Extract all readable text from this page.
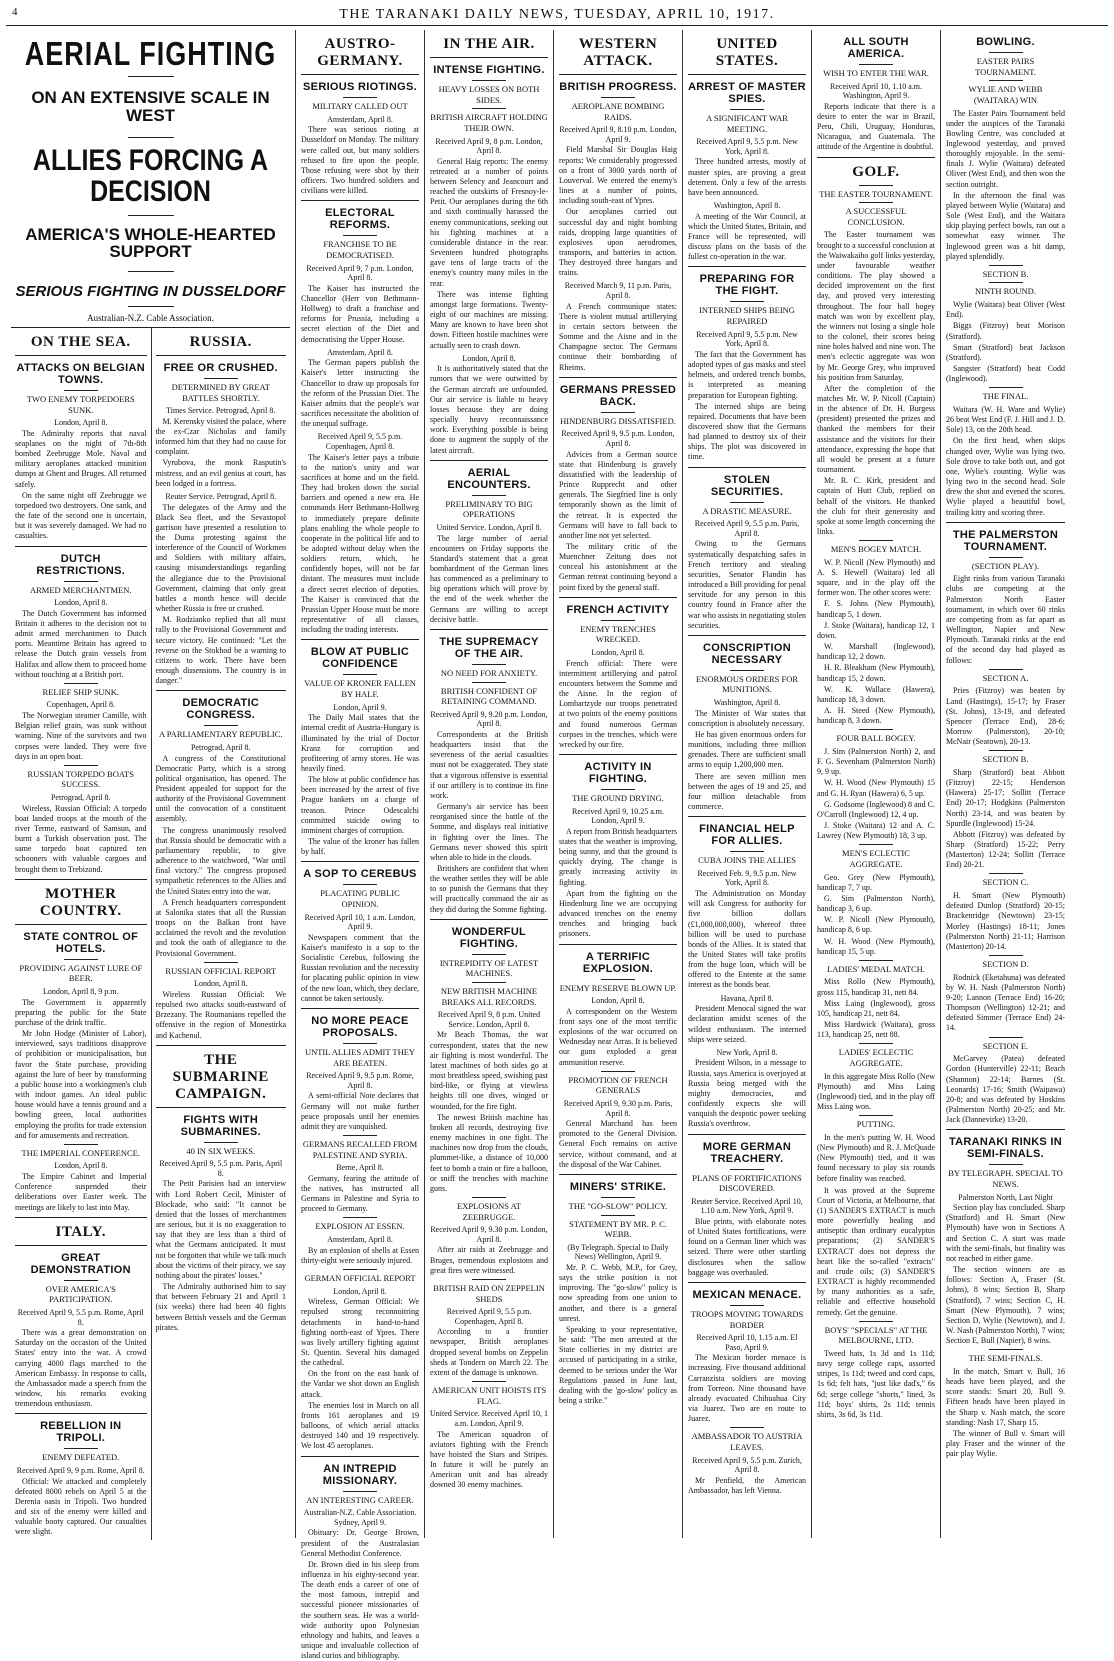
4	THE TARANAKI DAILY NEWS, TUESDAY, APRIL 10, 1917.
AERIAL FIGHTING
ON AN EXTENSIVE SCALE IN WEST
ALLIES FORCING A DECISION
AMERICA'S WHOLE-HEARTED SUPPORT
SERIOUS FIGHTING IN DUSSELDORF
Australian-N.Z. Cable Association.
ON THE SEA.
ATTACKS ON BELGIAN TOWNS.
TWO ENEMY TORPEDOERS SUNK.
London, April 8.

The Admiralty reports that naval seaplanes on the night of 7th-8th bombed Zeebrugge Mole. Naval and military aeroplanes attacked munition dumps at Ghent and Bruges. All returned safely.

On the same night off Zeebrugge we torpedoed two destroyers. One sank, and the fate of the second one is uncertain, but it was severely damaged. We had no casualties.

DUTCH RESTRICTIONS.
ARMED MERCHANTMEN.
London, April 8.

The Dutch Government has informed Britain it adheres to the decision not to admit armed merchantmen to Dutch ports. Meantime Britain has agreed to release the Dutch grain vessels from Halifax and allow them to proceed home without touching at a British port.

RELIEF SHIP SUNK.
Copenhagen, April 8.

The Norwegian steamer Camille, with Belgian relief grain, was sunk without warning. Nine of the survivors and two corpses were landed. They were five days in an open boat.

RUSSIAN TORPEDO BOATS SUCCESS.
Petrograd, April 8.

Wireless, Russian Official: A torpedo boat landed troops at the mouth of the river Terme, eastward of Samsun, and burnt a Turkish observation post. The same torpedo boat captured ten schooners with valuable cargoes and brought them to Trebizond.

MOTHER COUNTRY.
STATE CONTROL OF HOTELS.
PROVIDING AGAINST LURE OF BEER.
London, April 8, 9 p.m.

The Government is apparently preparing the public for the State purchase of the drink traffic.

Mr John Hodge (Minister of Labor), interviewed, says traditions disapprove of prohibition or municipalisation, but favor the State purchase, providing against the lure of beer by transforming a public house into a workingmen's club with indoor games. An ideal public house would have a tennis ground and a bowling green, local authorities employing the profits for trade extension and for amusements and recreation.

THE IMPERIAL CONFERENCE.
London, April 8.

The Empire Cabinet and Imperial Conference suspended their deliberations over Easter week. The meetings are likely to last into May.

ITALY.
GREAT DEMONSTRATION
OVER AMERICA'S PARTICIPATION.
Received April 9, 5.5 p.m. Rome, April 8.

There was a great demonstration on Saturday on the occasion of the United States' entry into the war. A crowd carrying 4000 flags marched to the American Embassy. In response to calls, the Ambassador made a speech from the window, his remarks evoking tremendous enthusiasm.

REBELLION IN TRIPOLI.
ENEMY DEFEATED.
Received April 9, 9 p.m. Rome, April 8.

Official: We attacked and completely defeated 8000 rebels on April 5 at the Derenia oasis in Tripoli. Two hundred and six of the enemy were killed and valuable booty captured. Our casualties were slight.

RUSSIA.
FREE OR CRUSHED.
DETERMINED BY GREAT BATTLES SHORTLY.
Times Service. Petrograd, April 8.

M. Kerensky visited the palace, where the ex-Czar Nicholas and family informed him that they had no cause for complaint.

Vyrubova, the monk Rasputin's mistress, and an evil genius at court, has been lodged in a fortress.

Reuter Service. Petrograd, April 8.

The delegates of the Army and the Black Sea fleet, and the Sevastopol garrison have presented a resolution to the Duma protesting against the interference of the Council of Workmen and Soldiers with military affairs, causing misunderstandings regarding the allegiance due to the Provisional Government, claiming that only great battles a month hence will decide whether Russia is free or crushed.

M. Rodzianko replied that all must rally to the Provisional Government and secure victory. He continued: "Let the reverse on the Stokhod be a warning to citizens to work. There have been enough dissensions. The country is in danger."

DEMOCRATIC CONGRESS.
A PARLIAMENTARY REPUBLIC.
Petrograd, April 8.

A congress of the Constitutional Democratic Party, which is a strong political organisation, has opened. The President appealed for support for the authority of the Provisional Government until the convocation of a constituent assembly.

The congress unanimously resolved that Russia should be democratic with a parliamentary republic, to give adherence to the watchword, "War until final victory." The congress proposed sympathetic references to the Allies and the United States entry into the war.

A French headquarters correspondent at Salonika states that all the Russian troops on the Balkan front have acclaimed the revolt and the revolution and took the oath of allegiance to the Provisional Government.

RUSSIAN OFFICIAL REPORT
London, April 8.

Wireless Russian Official: We repulsed two attacks south-eastward of Brzezany. The Roumanians repelled the offensive in the region of Monestirka and Kachenul.

THE SUBMARINE CAMPAIGN.
FIGHTS WITH SUBMARINES.
40 IN SIX WEEKS.
Received April 9, 5.5 p.m. Paris, April 8.

The Petit Parisien had an interview with Lord Robert Cecil, Minister of Blockade, who said: "It cannot be denied that the losses of merchantmen are serious, but it is no exaggeration to say that they are less than a third of what the Germans anticipated. It must not be forgotten that while we talk much about the victims of their piracy, we say nothing about the pirates' losses."

The Admiralty authorised him to say that between February 21 and April 1 (six weeks) there had been 40 fights between British vessels and the German pirates.

AUSTRO-GERMANY.
SERIOUS RIOTINGS.
MILITARY CALLED OUT
Amsterdam, April 8.

There was serious rioting at Dusseldorf on Monday. The military were called out, but many soldiers refused to fire upon the people. Those refusing were shot by their officers. Two hundred soldiers and civilians were killed.

ELECTORAL REFORMS.
FRANCHISE TO BE DEMOCRATISED.
Received April 9, 7 p.m. London, April 8.

The Kaiser has instructed the Chancellor (Herr von Bethmann-Hollweg) to draft a franchise and reforms for Prussia, including a secret election of the Diet and democratising the Upper House.

Amsterdam, April 8.

The German papers publish the Kaiser's letter instructing the Chancellor to draw up proposals for the reform of the Prussian Diet. The Kaiser admits that the people's war sacrifices necessitate the abolition of the unequal suffrage.

Received April 9, 5.5 p.m. Copenhagen, April 8.

The Kaiser's letter pays a tribute to the nation's unity and war sacrifices at home and on the field. They had broken down the social barriers and opened a new era. He commands Herr Bethmann-Hollweg to immediately prepare definite plans enabling the whole people to cooperate in the political life and to be adopted without delay when the soldiers return, which, he confidently hopes, will not be far distant. The measures must include a direct secret election of deputies. The Kaiser is convinced that the Prussian Upper House must be more representative of all classes, including the trading interests.

BLOW AT PUBLIC CONFIDENCE
VALUE OF KRONER FALLEN BY HALF.
London, April 9.

The Daily Mail states that the internal credit of Austria-Hungary is illuminated by the trial of Doctor Kranz for corruption and profiteering of army stores. He was heavily fined.

The blow at public confidence has been increased by the arrest of five Prague bankers on a charge of treason. Prince Odescalchi committed suicide owing to imminent charges of corruption.

The value of the kroner has fallen by half.

A SOP TO CEREBUS
PLACATING PUBLIC OPINION.
Received April 10, 1 a.m. London, April 9.

Newspapers comment that the Kaiser's manifesto is a sop to the Socialistic Cerebus, following the Russian revolution and the necessity for placating public opinion in view of the new loan, which, they declare, cannot be taken seriously.

NO MORE PEACE PROPOSALS.
UNTIL ALLIES ADMIT THEY ARE BEATEN.
Received April 9, 9.5 p.m. Rome, April 8.

A semi-official Note declares that Germany will not make further peace proposals until her enemies admit they are vanquished.

GERMANS RECALLED FROM PALESTINE AND SYRIA.
Berne, April 8.

Germany, fearing the attitude of the natives, has instructed all Germans in Palestine and Syria to proceed to Germany.

EXPLOSION AT ESSEN.
Amsterdam, April 8.

By an explosion of shells at Essen thirty-eight were seriously injured.

GERMAN OFFICIAL REPORT
London, April 8.

Wireless, German Official: We repulsed strong reconnoitring detachments in hand-to-hand fighting north-east of Ypres. There was lively artillery fighting against St. Quentin. Several hits damaged the cathedral.

On the front on the east bank of the Vardar we shot down an English attack.

The enemies lost in March on all fronts 161 aeroplanes and 19 balloons, of which aerial attacks destroyed 140 and 19 respectively. We lost 45 aeroplanes.

AN INTREPID MISSIONARY.
AN INTERESTING CAREER.
Australian-N.Z. Cable Association. Sydney, April 9.

Obituary: Dr. George Brown, president of the Australasian General Methodist Conference.

Dr. Brown died in his sleep from influenza in his eighty-second year. The death ends a career of one of the most famous, intrepid and successful pioneer missionaries of the southern seas. He was a world-wide authority upon Polynesian ethnology and habits, and leaves a unique and invaluable collection of island curios and bibliography.

IN THE AIR.
INTENSE FIGHTING.
HEAVY LOSSES ON BOTH SIDES.
BRITISH AIRCRAFT HOLDING THEIR OWN.
Received April 9, 8 p.m. London, April 8.

General Haig reports: The enemy retreated at a number of points between Selency and Jeancourt and reached the outskirts of Fresnoy-le-Petit. Our aeroplanes during the 6th and sixth continually harassed the enemy communications, seeking out his fighting machines at a considerable distance in the rear. Seventeen hundred photographs gave tens of large tracts of the enemy's country many miles in the rear.

There was intense fighting amongst large formations. Twenty-eight of our machines are missing. Many are known to have been shot down. Fifteen hostile machines were actually seen to crash down.

London, April 8.

It is authoritatively stated that the rumors that we were outwitted by the German aircraft are unfounded. Our air service is liable to heavy losses because they are doing specially heavy reconnaissance work. Everything possible is being done to augment the supply of the latest aircraft.

AERIAL ENCOUNTERS.
PRELIMINARY TO BIG OPERATIONS
United Service. London, April 8.

The large number of aerial encounters on Friday supports the Standard's statement that a great bombardment of the German lines has commenced as a preliminary to big operations which will prove by the end of the week whether the Germans are willing to accept decisive battle.

THE SUPREMACY OF THE AIR.
NO NEED FOR ANXIETY.
BRITISH CONFIDENT OF RETAINING COMMAND.
Received April 9, 9.20 p.m. London, April 8.

Correspondents at the British headquarters insist that the severeness of the aerial casualties must not be exaggerated. They state that a vigorous offensive is essential if our artillery is to continue its fine work.

Germany's air service has been reorganised since the battle of the Somme, and displays real initiative in fighting over the lines. The Germans never showed this spirit when able to hide in the clouds.

Britishers are confident that when the weather settles they will be able to so punish the Germans that they will practically command the air as they did during the Somme fighting.

WONDERFUL FIGHTING.
INTREPIDITY OF LATEST MACHINES.
NEW BRITISH MACHINE BREAKS ALL RECORDS.
Received April 9, 8 p.m. United Service. London, April 8.

Mr Beach Thomas, the war correspondent, states that the new air fighting is most wonderful. The latest machines of both sides go at most breathless speed, swishing past bird-like, or flying at viewless heights till one dives, winged or wounded, for the fire fight.

The newest British machine has broken all records, destroying five enemy machines in one fight. The machines now drop from the clouds, plummet-like, a distance of 10,000 feet to bomb a train or fire a balloon, or sniff the trenches with machine guns.

EXPLOSIONS AT ZEEBRUGGE.
Received April 9, 9.30 p.m. London, April 8.

After air raids at Zeebrugge and Bruges, tremendous explosions and great fires were witnessed.

BRITISH RAID ON ZEPPELIN SHEDS
Received April 9, 5.5 p.m. Copenhagen, April 8.

According to a frontier newspaper, British aeroplanes dropped several bombs on Zeppelin sheds at Tondern on March 22. The extent of the damage is unknown.

AMERICAN UNIT HOISTS ITS FLAG.
United Service. Received April 10, 1 a.m. London, April 9.

The American squadron of aviators fighting with the French have hoisted the Stars and Stripes. In future it will be purely an American unit and has already downed 30 enemy machines.

WESTERN ATTACK.
BRITISH PROGRESS.
AEROPLANE BOMBING RAIDS.
Received April 9, 8.10 p.m. London, April 9.

Field Marshal Sir Douglas Haig reports: We considerably progressed on a front of 3000 yards north of Louverval. We entered the enemy's lines at a number of points, including south-east of Ypres.

Our aeroplanes carried out successful day and night bombing raids, dropping large quantities of explosives upon aerodromes, transports, and batteries in action. They destroyed three hangars and trains.

Received March 9, 11 p.m. Paris, April 8.

A French communique states: There is violent mutual artillerying in certain sectors between the Somme and the Aisne and in the Champagne sector. The Germans continue their bombarding of Rheims.

GERMANS PRESSED BACK.
HINDENBURG DISSATISFIED.
Received April 9, 9.5 p.m. London, April 8.

Advices from a German source state that Hindenburg is gravely dissatisfied with the leadership of Prince Rupprecht and other generals. The Siegfried line is only temporarily shown as the limit of the retreat. It is expected the Germans will have to fall back to another line not yet selected.

The military critic of the Muenchner Zeitung does not conceal his astonishment at the German retreat continuing beyond a point fixed by the general staff.

FRENCH ACTIVITY
ENEMY TRENCHES WRECKED.
London, April 8.

French official: There were intermittent artillerying and patrol encounters between the Somme and the Aisne. In the region of Lombartzyde our troops penetrated at two points of the enemy positions and found numerous German corpses in the trenches, which were wrecked by our fire.

ACTIVITY IN FIGHTING.
THE GROUND DRYING.
Received April 9, 10.25 a.m. London, April 9.

A report from British headquarters states that the weather is improving, being sunny, and that the ground is quickly drying. The change is greatly increasing activity in fighting.

Apart from the fighting on the Hindenburg line we are occupying advanced trenches on the enemy trenches and bringing back prisoners.

A TERRIFIC EXPLOSION.
ENEMY RESERVE BLOWN UP.
London, April 8.

A correspondent on the Western front says one of the most terrific explosions of the war occurred on Wednesday near Arras. It is believed our guns exploded a great ammunition reserve.

PROMOTION OF FRENCH GENERALS
Received April 9, 9.30 p.m. Paris, April 8.

General Marchand has been promoted to the General Division. General Foch remains on active service, without command, and at the disposal of the War Cabinet.

MINERS' STRIKE.
THE "GO-SLOW" POLICY.
STATEMENT BY MR. P. C. WEBB.
(By Telegraph. Special to Daily News) Wellington, April 9.

Mr. P. C. Webb, M.P., for Grey, says the strike position is not improving. The "go-slow" policy is now spreading from one union to another, and there is a general unrest.

Speaking to your representative, he said: "The men arrested at the State collieries in my district are accused of participating in a strike, deemed to be serious under the War Regulations passed in June last, dealing with the 'go-slow' policy as being a strike."

UNITED STATES.
ARREST OF MASTER SPIES.
A SIGNIFICANT WAR MEETING.
Received April 9, 5.5 p.m. New York, April 8.

Three hundred arrests, mostly of master spies, are proving a great deterrent. Only a few of the arrests have been announced.

Washington, April 8.

A meeting of the War Council, at which the United States, Britain, and France will be represented, will discuss plans on the basis of the fullest co-operation in the war.

PREPARING FOR THE FIGHT.
INTERNED SHIPS BEING REPAIRED
Received April 9, 5.5 p.m. New York, April 8.

The fact that the Government has adopted types of gas masks and steel helmets, and ordered trench bombs, is interpreted as meaning preparation for European fighting.

The interned ships are being repaired. Documents that have been discovered show that the Germans had planned to destroy six of their ships. The plot was discovered in time.

STOLEN SECURITIES.
A DRASTIC MEASURE.
Received April 9, 5.5 p.m. Paris, April 8.

Owing to the Germans systematically despatching safes in French territory and stealing securities, Senator Flandin has introduced a Bill providing for penal servitude for any person in this country found in France after the war who assists in negotiating stolen securities.

CONSCRIPTION NECESSARY
ENORMOUS ORDERS FOR MUNITIONS.
Washington, April 8.

The Minister of War states that conscription is absolutely necessary.

He has given enormous orders for munitions, including three million grenades. There are sufficient small arms to equip 1,200,000 men.

There are seven million men between the ages of 19 and 25, and four million detachable from commerce.

FINANCIAL HELP FOR ALLIES.
CUBA JOINS THE ALLIES
Received Feb. 9, 9.5 p.m. New York, April 8.

The Administration on Monday will ask Congress for authority for five billion dollars (£1,000,000,000), whereof three billion will be used to purchase bonds of the Allies. It is stated that the United States will take profits from the huge loan, which will be offered to the Entente at the same interest as the bonds bear.

Havana, April 8.

President Menocal signed the war declaration amidst scenes of the wildest enthusiasm. The interned ships were seized.

New York, April 8.

President Wilson, in a message to Russia, says America is overjoyed at Russia being merged with the mighty democracies, and confidently expects she will vanquish the despotic power seeking Russia's overthrow.

MORE GERMAN TREACHERY.
PLANS OF FORTIFICATIONS DISCOVERED.
Reuter Service. Received April 10, 1.10 a.m. New York, April 9.

Blue prints, with elaborate notes of United States fortifications, were found on a German liner which was seized. There were other startling disclosures when the sallow baggage was overhauled.

MEXICAN MENACE.
TROOPS MOVING TOWARDS BORDER
Received April 10, 1.15 a.m. El Paso, April 9.

The Mexican border menace is increasing. Five thousand additional Carranzista soldiers are moving from Torreon. Nine thousand have already evacuated Chihuahua City via Juarez. Two are en route to Juarez.

AMBASSADOR TO AUSTRIA LEAVES.
Received April 9, 5.5 p.m. Zurich, April 8.

Mr Penfield, the American Ambassador, has left Vienna.

ALL SOUTH AMERICA.
WISH TO ENTER THE WAR.
Received April 10, 1.10 a.m. Washington, April 9.

Reports indicate that there is a desire to enter the war in Brazil, Peru, Chili, Uruguay, Honduras, Nicaragua, and Guatemala. The attitude of the Argentine is doubtful.

GOLF.
THE EASTER TOURNAMENT.
A SUCCESSFUL CONCLUSION.

The Easter tournament was brought to a successful conclusion at the Waiwakaiho golf links yesterday, under favourable weather conditions. The play showed a decided improvement on the first day, and proved very interesting throughout. The four ball bogey match was won by excellent play, the winners not losing a single hole to the colonel, their scores being nine holes halved and nine won. The men's eclectic aggregate was won by Mr. George Grey, who improved his position from Saturday.

After the completion of the matches Mr. W. P. Nicoll (Captain) in the absence of Dr. H. Burgess (president) presented the prizes and thanked the members for their assistance and the visitors for their attendance, expressing the hope that all would be present at a future tournament.

Mr. R. C. Kirk, president and captain of Hutt Club, replied on behalf of the visitors. He thanked the club for their generosity and spoke at some length concerning the links.

MEN'S BOGEY MATCH.

W. P. Nicoll (New Plymouth) and A. S. Hewell (Waitara) led all square, and in the play off the former won. The other scores were:

F. S. Johns (New Plymouth), handicap 5, 1 down.

J. Stoke (Waitara), handicap 12, 1 down.

W. Marshall (Inglewood), handicap 12, 2 down.

H. R. Bleakham (New Plymouth), handicap 15, 2 down.

W. K. Wallace (Hawera), handicap 18, 3 down.

A. H. Steed (New Plymouth), handicap 8, 3 down.

FOUR BALL BOGEY.

J. Sim (Palmerston North) 2, and F. G. Sevenham (Palmerston North) 9, 9 up.

W. H. Wood (New Plymouth) 15 and G. H. Ryan (Hawera) 6, 5 up.

G. Godsome (Inglewood) 8 and C. O'Carroll (Inglewood) 12, 4 up.

J. Stoke (Waitara) 12 and A. C. Lawrey (New Plymouth) 18, 3 up.

MEN'S ECLECTIC AGGREGATE.

Geo. Grey (New Plymouth), handicap 7, 7 up.

G. Sim (Palmerston North), handicap 3, 6 up.

W. P. Nicoll (New Plymouth), handicap 8, 6 up.

W. H. Wood (New Plymouth), handicap 15, 5 up.

LADIES' MEDAL MATCH.

Miss Rollo (New Plymouth), gross 115, handicap 31, nett 84.

Miss Laing (Inglewood), gross 105, handicap 21, nett 84.

Miss Hardwick (Waitara), gross 113, handicap 25, nett 88.

LADIES' ECLECTIC AGGREGATE.

In this aggregate Miss Rollo (New Plymouth) and Miss Laing (Inglewood) tied, and in the play off Miss Laing won.

PUTTING.

In the men's putting W. H. Wood (New Plymouth) and R. J. McQuade (New Plymouth) tied, and it was found necessary to play six rounds before finality was reached.

It was proved at the Supreme Court of Victoria, at Melbourne, that (1) SANDER'S EXTRACT is much more powerfully healing and antiseptic than ordinary eucalyptus preparations; (2) SANDER'S EXTRACT does not depress the heart like the so-called "extracts" and crude oils; (3) SANDER'S EXTRACT is highly recommended by many authorities as a safe, reliable and effective household remedy. Get the genuine.

BOYS' "SPECIALS" AT THE MELBOURNE, LTD.

Tweed hats, 1s 3d and 1s 11d; navy serge college caps, assorted stripes, 1s 11d; tweed and cord caps, 1s 6d; felt hats, "just like dad's," 6s 6d; serge college "shorts," lined, 3s 11d; boys' shirts, 2s 11d; tennis shirts, 3s 6d, 3s 11d.

BOWLING.
EASTER PAIRS TOURNAMENT.
WYLIE AND WEBB (WAITARA) WIN

The Easter Pairs Tournament held under the auspices of the Taranaki Bowling Centre, was concluded at Inglewood yesterday, and proved thoroughly enjoyable. In the semi-finals J. Wylie (Waitara) defeated Oliver (West End), and then won the section outright.

In the afternoon the final was played between Wylie (Waitara) and Sole (West End), and the Waitara skip playing perfect bowls, ran out a somewhat easy winner. The Inglewood green was a bit damp, played splendidly.

SECTION B.
NINTH ROUND.

Wylie (Waitara) beat Oliver (West End).

Biggs (Fitzroy) beat Morison (Stratford).

Smart (Stratford) beat Jackson (Stratford).

Sangster (Stratford) beat Codd (Inglewood).

THE FINAL.

Waitara (W. H. Ware and Wylie) 26 beat West End (F. J. Hill and J. D. Sole) 13, on the 20th head.

On the first head, when skips changed over, Wylie was lying two. Sole drove to take both out, and got one, Wylie's counting. Wylie was lying two in the second head. Sole drew the shot and evened the scores. Wylie played a beautiful bowl, trailing kitty and scoring three.

THE PALMERSTON TOURNAMENT.
(SECTION PLAY).

Eight rinks from various Taranaki clubs are competing at the Palmerston North Easter tournament, in which over 60 rinks are competing from as far apart as Wellington, Napier and New Plymouth. Taranaki rinks at the end of the second day had played as follows:

SECTION A.

Pries (Fitzroy) was beaten by Land (Hastings), 15-17; by Fraser (St. Johns), 13-19, and defeated Spencer (Terrace End), 28-6; Morrow (Palmerston), 20-10; McNair (Seatown), 20-13.

SECTION B.

Sharp (Stratford) beat Abbott (Fitzroy) 22-15; Henderson (Hawera) 25-17; Sollitt (Terrace End) 20-17; Hodgkins (Palmerston North) 23-14, and was beaten by Spurdle (Inglewood) 15-24.

Abbott (Fitzroy) was defeated by Sharp (Stratford) 15-22; Perry (Masterton) 12-24; Sollitt (Terrace End) 20-21.

SECTION C.

H. Smart (New Plymouth) defeated Dunlop (Stratford) 20-15; Brackenridge (Newtown) 23-15; Morley (Hastings) 18-11; Jones (Palmerston North) 21-11; Harrison (Masterton) 20-14.

SECTION D.

Rodnick (Eketahuna) was defeated by W. H. Nash (Palmerston North) 9-20; Lannon (Terrace End) 16-20; Thompson (Wellington) 12-21; and defeated Simmer (Terrace End) 24-14.

SECTION E.

McGarvey (Patea) defeated Gordon (Hunterville) 22-11; Beach (Shannon) 22-14; Barnes (St. Leonards) 17-16; Smith (Waipawa) 20-8; and was defeated by Hoskins (Palmerston North) 20-25; and Mr. Jack (Dannevirke) 13-20.

TARANAKI RINKS IN SEMI-FINALS.
BY TELEGRAPH. SPECIAL TO NEWS.
Palmerston North, Last Night

Section play has concluded. Sharp (Stratford) and H. Smart (New Plymouth) have won in Sections A and Section C. A start was made with the semi-finals, but finality was not reached in either game.

The section winners are as follows: Section A, Fraser (St. Johns), 8 wins; Section B, Sharp (Stratford), 7 wins; Section C, H. Smart (New Plymouth), 7 wins; Section D, Wylie (Newtown), and J. W. Nash (Palmerston North), 7 wins; Section E, Bull (Napier), 8 wins.

THE SEMI-FINALS.

In the match, Smart v. Bull, 16 heads have been played, and the score stands: Smart 20, Bull 9. Fifteen heads have been played in the Sharp v. Nash match, the score standing: Nash 17, Sharp 15.

The winner of Bull v. Smart will play Fraser and the winner of the pair play Wylie.
